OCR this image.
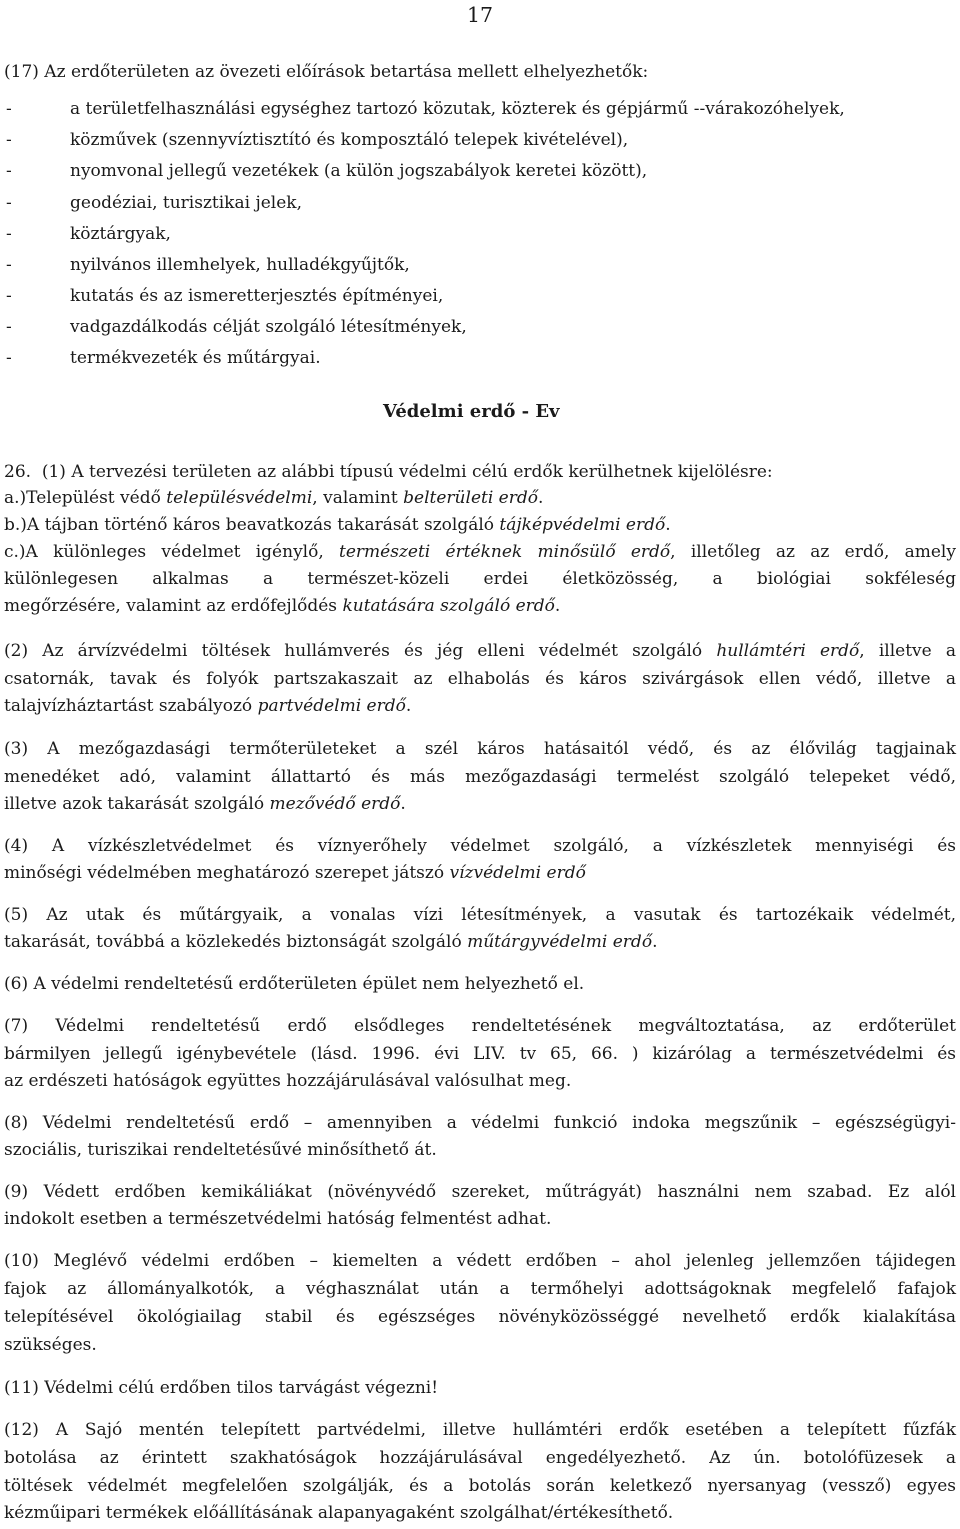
17
(17) Az erdőterületen az övezeti előírások betartása mellett elhelyezhetők:
-	a területfelhasználási egységhez tartozó közutak, közterek és gépjármű --várakozóhelyek,
-	közművek (szennyvíztisztító és komposztáló telepek kivételével),
-	nyomvonal jellegű vezetékek (a külön jogszabályok keretei között),
-	geodéziai, turisztikai jelek,
-	köztárgyak,
-	nyilvános illemhelyek, hulladékgyűjtők,
-	kutatás és az ismeretterjesztés építményei,
-	vadgazdálkodás célját szolgáló létesítmények,
-	termékvezeték és műtárgyai.
Védelmi erdő - Ev
26.  (1) A tervezési területen az alábbi típusú védelmi célú erdők kerülhetnek kijelölésre:
a.)Települést védő településvédelmi, valamint belterületi erdő.
b.)A tájban történő káros beavatkozás takarását szolgáló tájképvédelmi erdő.
c.)A különleges védelmet igénylő, természeti értéknek minősülő erdő, illetőleg az az erdő, amely
különlegesen alkalmas a természet-közeli erdei életközösség, a biológiai sokféleség
megőrzésére, valamint az erdőfejlődés kutatására szolgáló erdő.
(2) Az árvízvédelmi töltések hullámverés és jég elleni védelmét szolgáló hullámtéri erdő, illetve a
csatornák, tavak és folyók partszakaszait az elhabolás és káros szivárgások ellen védő, illetve a
talajvízháztartást szabályozó partvédelmi erdő.
(3) A mezőgazdasági termőterületeket a szél káros hatásaitól védő, és az élővilág tagjainak
menedéket adó, valamint állattartó és más mezőgazdasági termelést szolgáló telepeket védő,
illetve azok takarását szolgáló mezővédő erdő.
(4) A vízkészletvédelmet és víznyerőhely védelmet szolgáló, a vízkészletek mennyiségi és
minőségi védelmében meghatározó szerepet játszó vízvédelmi erdő
(5) Az utak és műtárgyaik, a vonalas vízi létesítmények, a vasutak és tartozékaik védelmét,
takarását, továbbá a közlekedés biztonságát szolgáló műtárgyvédelmi erdő.
(6) A védelmi rendeltetésű erdőterületen épület nem helyezhető el.
(7) Védelmi rendeltetésű erdő elsődleges rendeltetésének megváltoztatása, az erdőterület
bármilyen jellegű igénybevétele (lásd. 1996. évi LIV. tv 65, 66. ) kizárólag a természetvédelmi és
az erdészeti hatóságok együttes hozzájárulásával valósulhat meg.
(8) Védelmi rendeltetésű erdő – amennyiben a védelmi funkció indoka megszűnik – egészségügyi-
szociális, turiszikai rendeltetésűvé minősíthető át.
(9) Védett erdőben kemikáliákat (növényvédő szereket, műtrágyát) használni nem szabad. Ez alól
indokolt esetben a természetvédelmi hatóság felmentést adhat.
(10) Meglévő védelmi erdőben – kiemelten a védett erdőben – ahol jelenleg jellemzően tájidegen
fajok az állományalkotók, a véghasználat után a termőhelyi adottságoknak megfelelő fafajok
telepítésével ökológiailag stabil és egészséges növényközösséggé nevelhető erdők kialakítása
szükséges.
(11) Védelmi célú erdőben tilos tarvágást végezni!
(12) A Sajó mentén telepített partvédelmi, illetve hullámtéri erdők esetében a telepített fűzfák
botolása az érintett szakhatóságok hozzájárulásával engedélyezhető. Az ún. botolófüzesek a
töltések védelmét megfelelően szolgálják, és a botolás során keletkező nyersanyag (vessző) egyes
kézműipari termékek előállításának alapanyagaként szolgálhat/értékesíthető.
